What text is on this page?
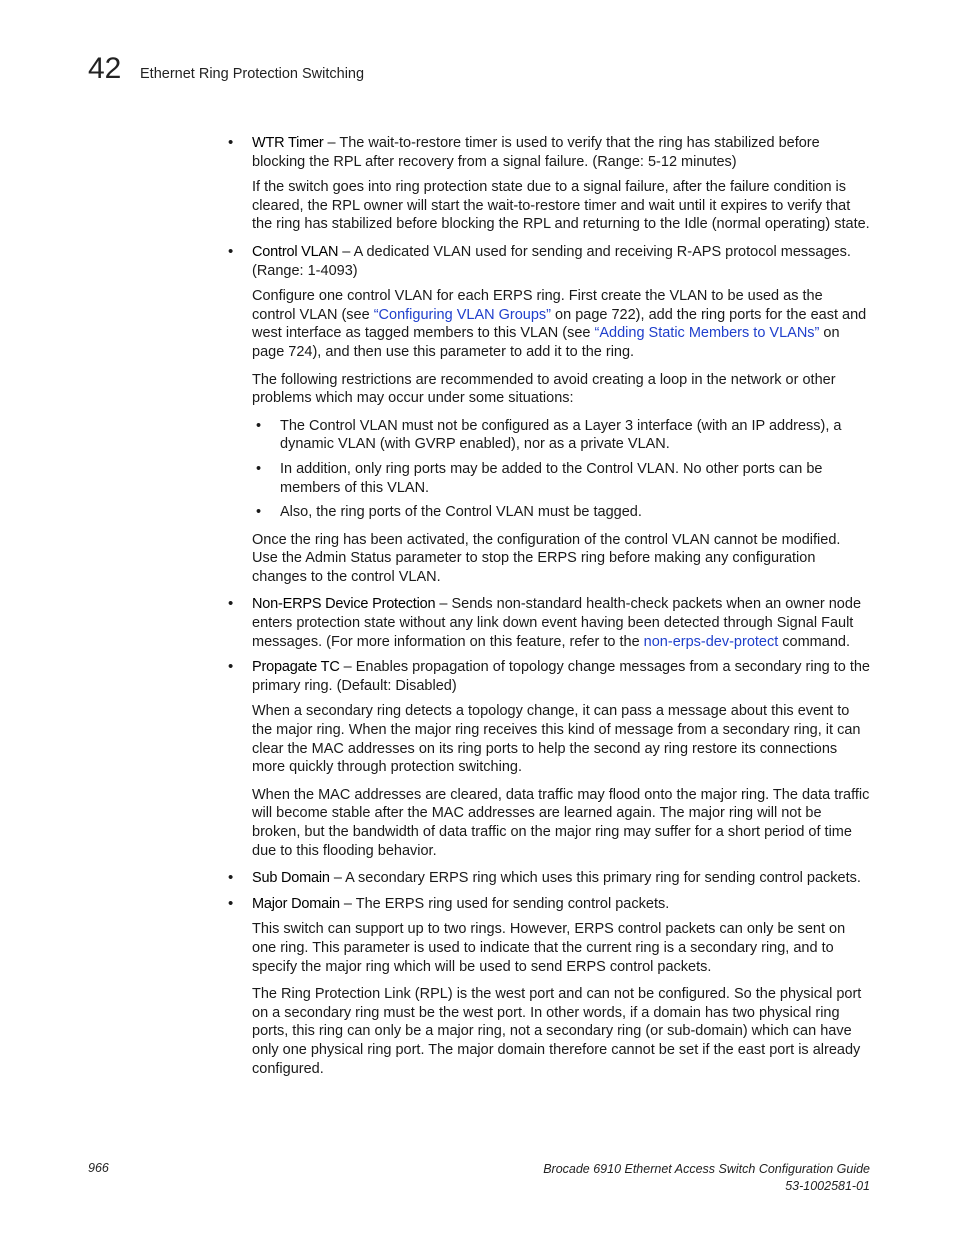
42 Ethernet Ring Protection Switching
• WTR Timer – The wait-to-restore timer is used to verify that the ring has stabilized before blocking the RPL after recovery from a signal failure. (Range: 5-12 minutes)

If the switch goes into ring protection state due to a signal failure, after the failure condition is cleared, the RPL owner will start the wait-to-restore timer and wait until it expires to verify that the ring has stabilized before blocking the RPL and returning to the Idle (normal operating) state.

• Control VLAN – A dedicated VLAN used for sending and receiving R-APS protocol messages. (Range: 1-4093)

Configure one control VLAN for each ERPS ring. First create the VLAN to be used as the control VLAN (see “Configuring VLAN Groups” on page 722), add the ring ports for the east and west interface as tagged members to this VLAN (see “Adding Static Members to VLANs” on page 724), and then use this parameter to add it to the ring.

The following restrictions are recommended to avoid creating a loop in the network or other problems which may occur under some situations:

• The Control VLAN must not be configured as a Layer 3 interface (with an IP address), a dynamic VLAN (with GVRP enabled), nor as a private VLAN.
• In addition, only ring ports may be added to the Control VLAN. No other ports can be members of this VLAN.
• Also, the ring ports of the Control VLAN must be tagged.

Once the ring has been activated, the configuration of the control VLAN cannot be modified. Use the Admin Status parameter to stop the ERPS ring before making any configuration changes to the control VLAN.

• Non-ERPS Device Protection – Sends non-standard health-check packets when an owner node enters protection state without any link down event having been detected through Signal Fault messages. (For more information on this feature, refer to the non-erps-dev-protect command.
• Propagate TC – Enables propagation of topology change messages from a secondary ring to the primary ring. (Default: Disabled)

When a secondary ring detects a topology change, it can pass a message about this event to the major ring. When the major ring receives this kind of message from a secondary ring, it can clear the MAC addresses on its ring ports to help the second ay ring restore its connections more quickly through protection switching.

When the MAC addresses are cleared, data traffic may flood onto the major ring. The data traffic will become stable after the MAC addresses are learned again. The major ring will not be broken, but the bandwidth of data traffic on the major ring may suffer for a short period of time due to this flooding behavior.

• Sub Domain – A secondary ERPS ring which uses this primary ring for sending control packets.
• Major Domain – The ERPS ring used for sending control packets.

This switch can support up to two rings. However, ERPS control packets can only be sent on one ring. This parameter is used to indicate that the current ring is a secondary ring, and to specify the major ring which will be used to send ERPS control packets.

The Ring Protection Link (RPL) is the west port and can not be configured. So the physical port on a secondary ring must be the west port. In other words, if a domain has two physical ring ports, this ring can only be a major ring, not a secondary ring (or sub-domain) which can have only one physical ring port. The major domain therefore cannot be set if the east port is already configured.

966	Brocade 6910 Ethernet Access Switch Configuration Guide
53-1002581-01
